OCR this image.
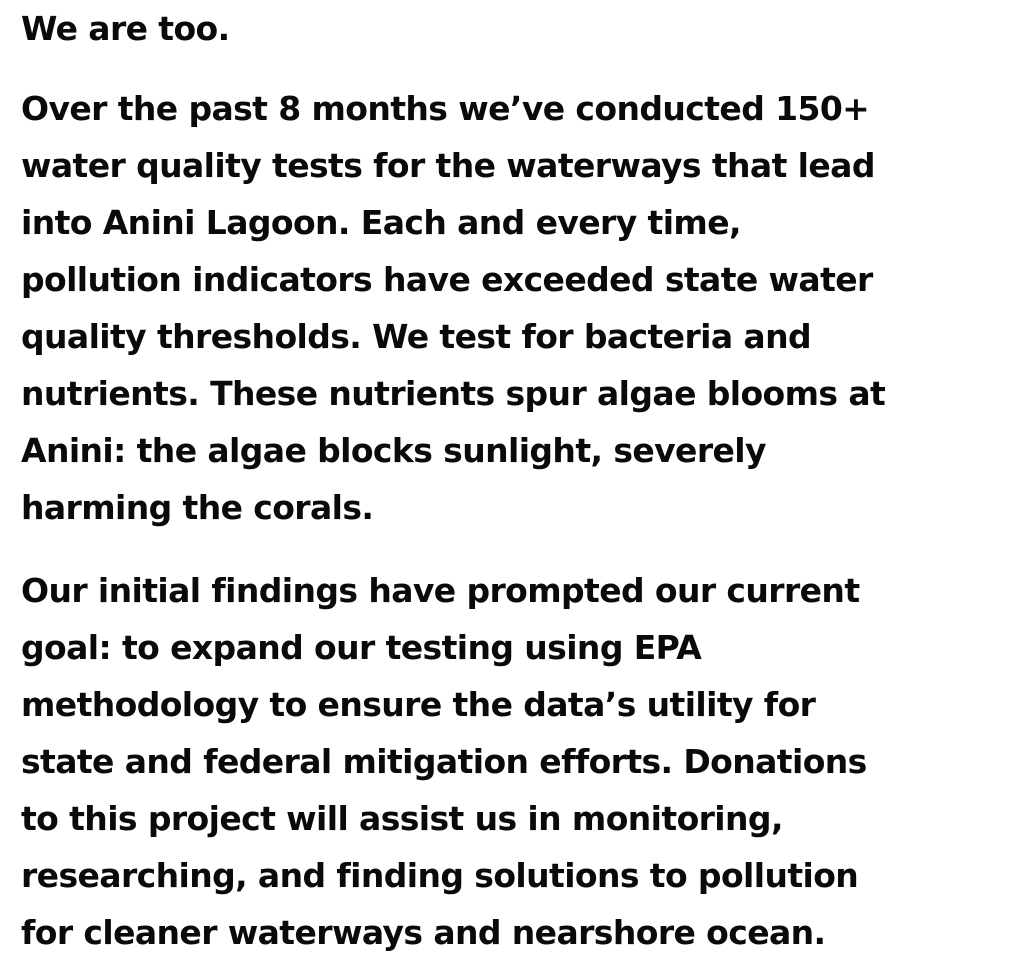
We are too.
Over the past 8 months we’ve conducted 150+
water quality tests for the waterways that lead
into Anini Lagoon. Each and every time,
pollution indicators have exceeded state water
quality thresholds. We test for bacteria and
nutrients. These nutrients spur algae blooms at
Anini: the algae blocks sunlight, severely
harming the corals.
Our initial findings have prompted our current
goal: to expand our testing using EPA
methodology to ensure the data’s utility for
state and federal mitigation efforts. Donations
to this project will assist us in monitoring,
researching, and finding solutions to pollution
for cleaner waterways and nearshore ocean.
